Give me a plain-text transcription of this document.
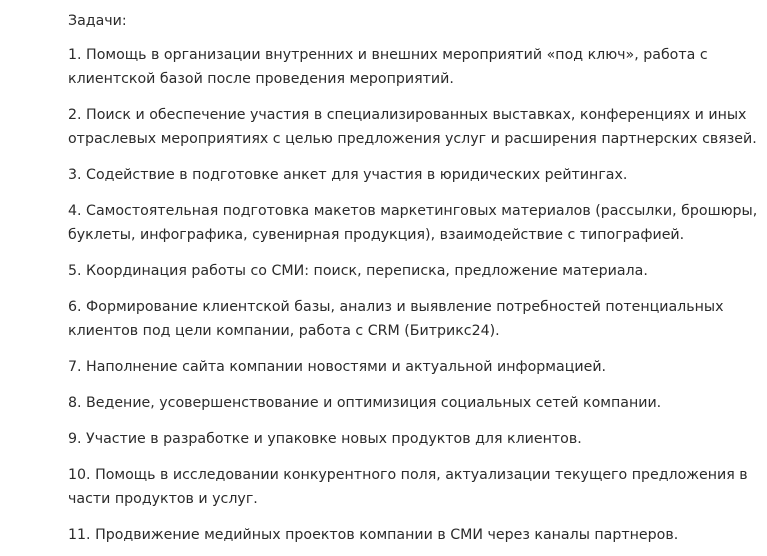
Задачи:
1. Помощь в организации внутренних и внешних мероприятий «под ключ», работа с
клиентской базой после проведения мероприятий.
2. Поиск и обеспечение участия в специализированных выставках, конференциях и иных
отраслевых мероприятиях с целью предложения услуг и расширения партнерских связей.
3. Содействие в подготовке анкет для участия в юридических рейтингах.
4. Самостоятельная подготовка макетов маркетинговых материалов (рассылки, брошюры,
буклеты, инфографика, сувенирная продукция), взаимодействие с типографией.
5. Координация работы со СМИ: поиск, переписка, предложение материала.
6. Формирование клиентской базы, анализ и выявление потребностей потенциальных
клиентов под цели компании, работа с CRM (Битрикс24).
7. Наполнение сайта компании новостями и актуальной информацией.
8. Ведение, усовершенствование и оптимизиция социальных сетей компании.
9. Участие в разработке и упаковке новых продуктов для клиентов.
10. Помощь в исследовании конкурентного поля, актуализации текущего предложения в
части продуктов и услуг.
11. Продвижение медийных проектов компании в СМИ через каналы партнеров.
